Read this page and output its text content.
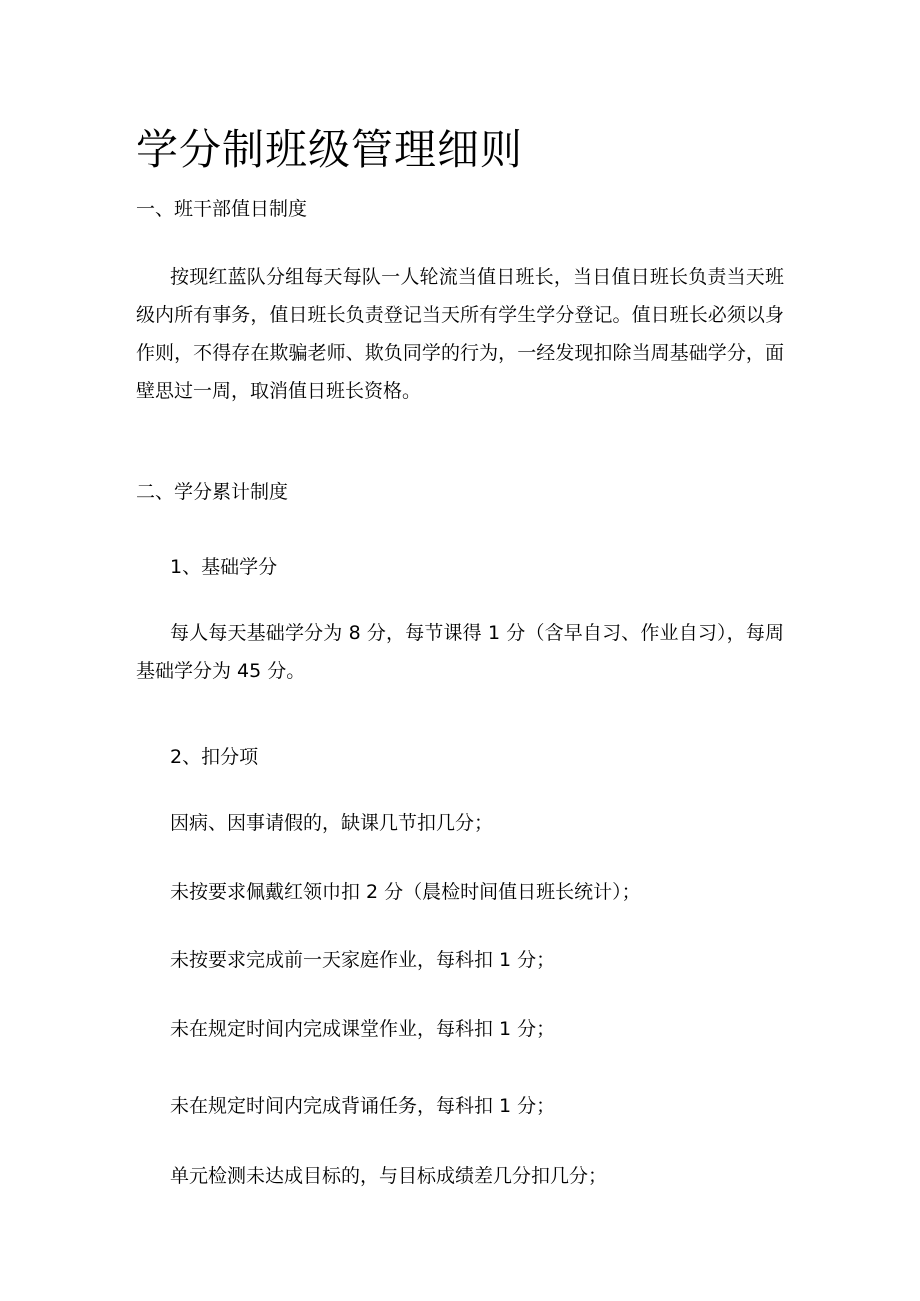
学分制班级管理细则
一、班干部值日制度

按现红蓝队分组每天每队一人轮流当值日班长，当日值日班长负责当天班级内所有事务，值日班长负责登记当天所有学生学分登记。值日班长必须以身作则，不得存在欺骗老师、欺负同学的行为，一经发现扣除当周基础学分，面壁思过一周，取消值日班长资格。

二、学分累计制度
1、基础学分

每人每天基础学分为 8 分，每节课得 1 分（含早自习、作业自习），每周基础学分为 45 分。

2、扣分项

因病、因事请假的，缺课几节扣几分；

未按要求佩戴红领巾扣 2 分（晨检时间值日班长统计）；

未按要求完成前一天家庭作业，每科扣 1 分；

未在规定时间内完成课堂作业，每科扣 1 分；

未在规定时间内完成背诵任务，每科扣 1 分；

单元检测未达成目标的，与目标成绩差几分扣几分；
